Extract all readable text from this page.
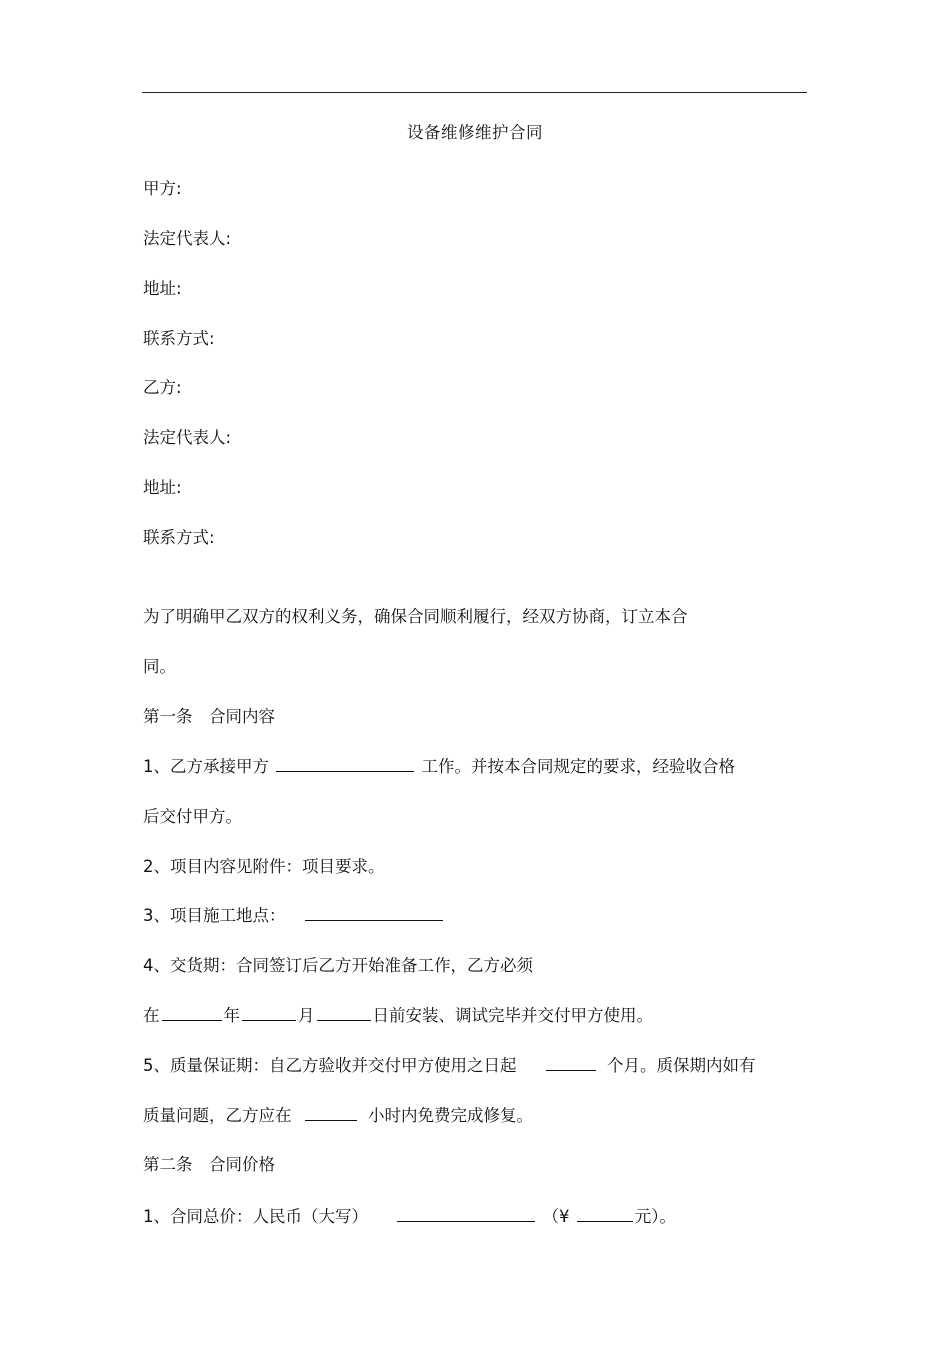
设备维修维护合同
甲方:
法定代表人:
地址:
联系方式:
乙方:
法定代表人:
地址:
联系方式:
为了明确甲乙双方的权利义务，确保合同顺利履行，经双方协商，订立本合
同。
第一条　合同内容
1、乙方承接甲方	工作。并按本合同规定的要求，经验收合格
后交付甲方。
2、项目内容见附件：项目要求。
3、项目施工地点：
4、交货期：合同签订后乙方开始准备工作，乙方必须
在	年	月	日前安装、调试完毕并交付甲方使用。
5、质量保证期：自乙方验收并交付甲方使用之日起	个月。质保期内如有
质量问题，乙方应在	小时内免费完成修复。
第二条　合同价格
1、合同总价：人民币（大写）	（¥	元）。
